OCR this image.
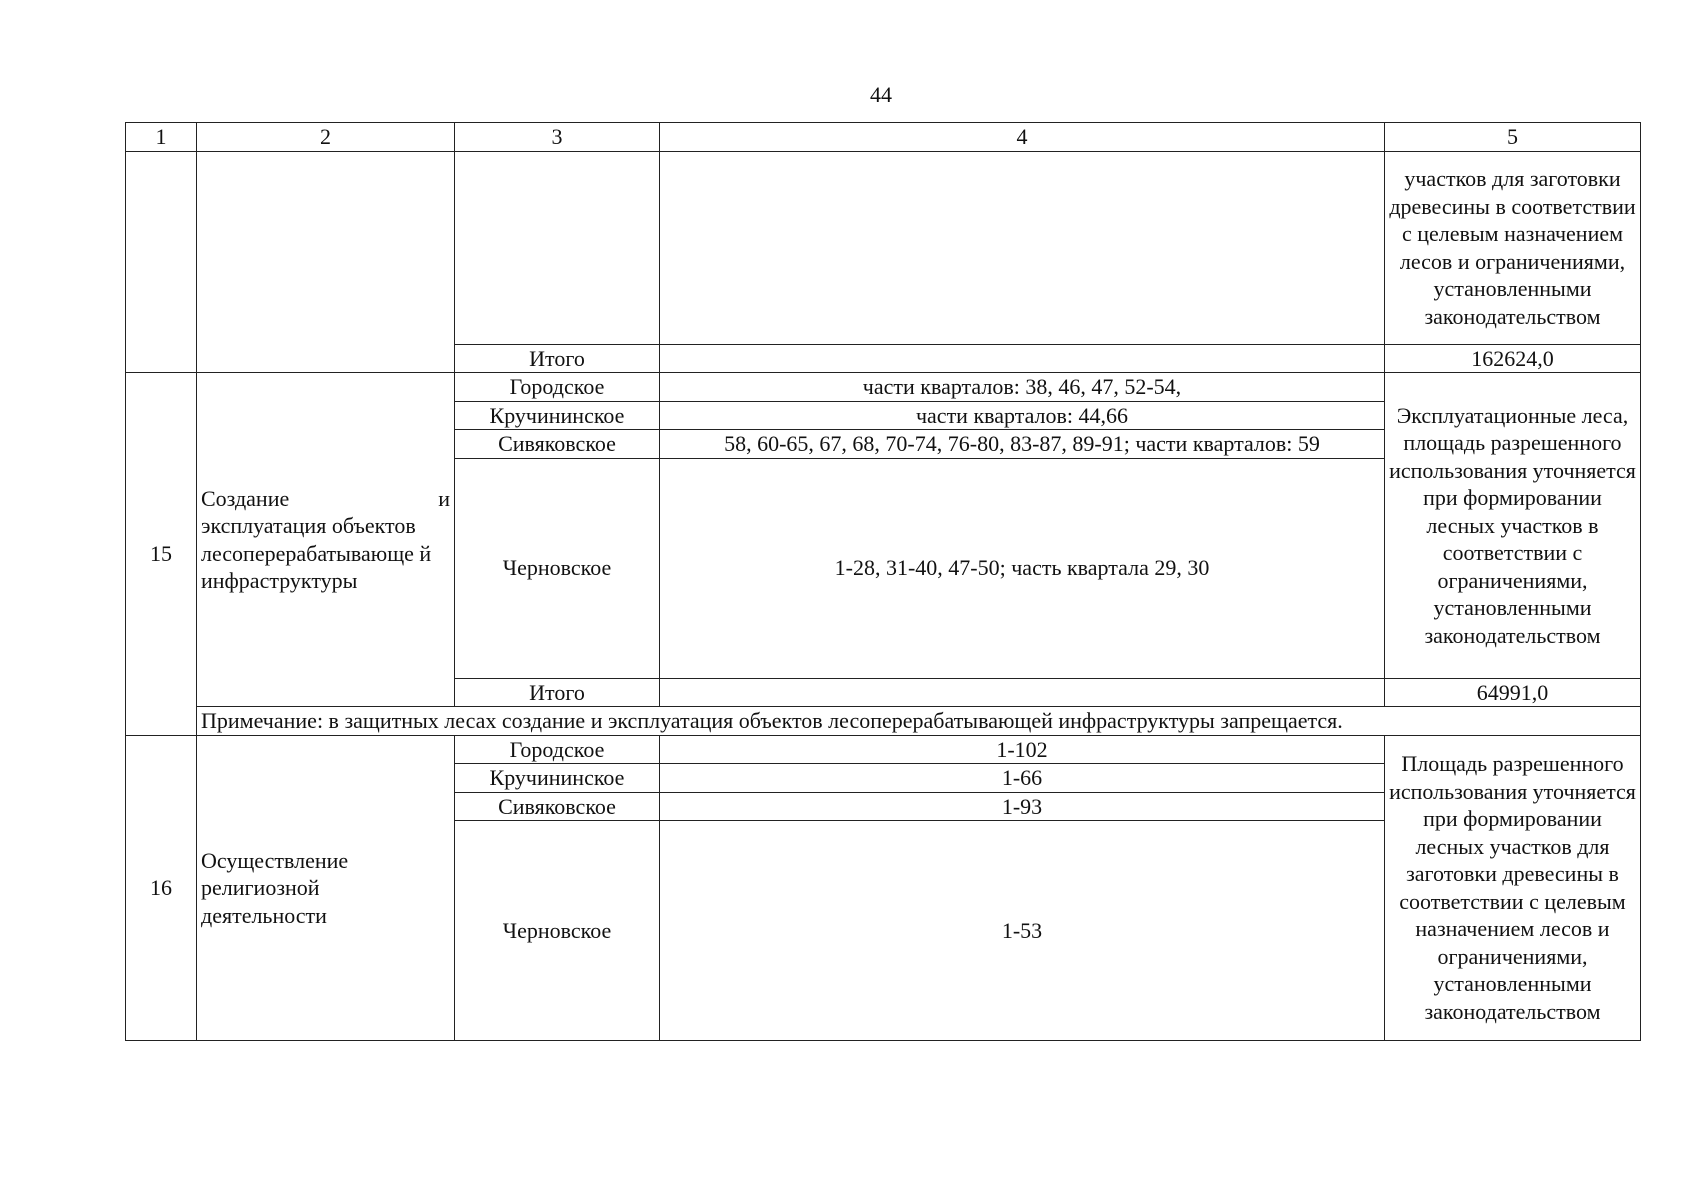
44
1	2	3	4	5
				участков для заготовки древесины в соответствии с целевым назначением лесов и ограничениями, установленными законодательством
		Итого		162624,0
15	Создание и
эксплуатация объектов лесоперерабатывающе й инфраструктуры	Городское	части кварталов: 38, 46, 47, 52-54,	Эксплуатационные леса, площадь разрешенного использования уточняется при формировании лесных участков в соответствии с ограничениями, установленными законодательством
		Кручининское	части кварталов: 44,66	
		Сивяковское	58, 60-65, 67, 68, 70-74, 76-80, 83-87, 89-91; части кварталов: 59	
		Черновское	1-28, 31-40, 47-50; часть квартала 29, 30	
		Итого		64991,0
	Примечание: в защитных лесах создание и эксплуатация объектов лесоперерабатывающей инфраструктуры запрещается.			
16	Осуществление религиозной деятельности	Городское	1-102	Площадь разрешенного использования уточняется при формировании лесных участков для заготовки древесины в соответствии с целевым назначением лесов и ограничениями, установленными законодательством
		Кручининское	1-66	
		Сивяковское	1-93	
		Черновское	1-53	
